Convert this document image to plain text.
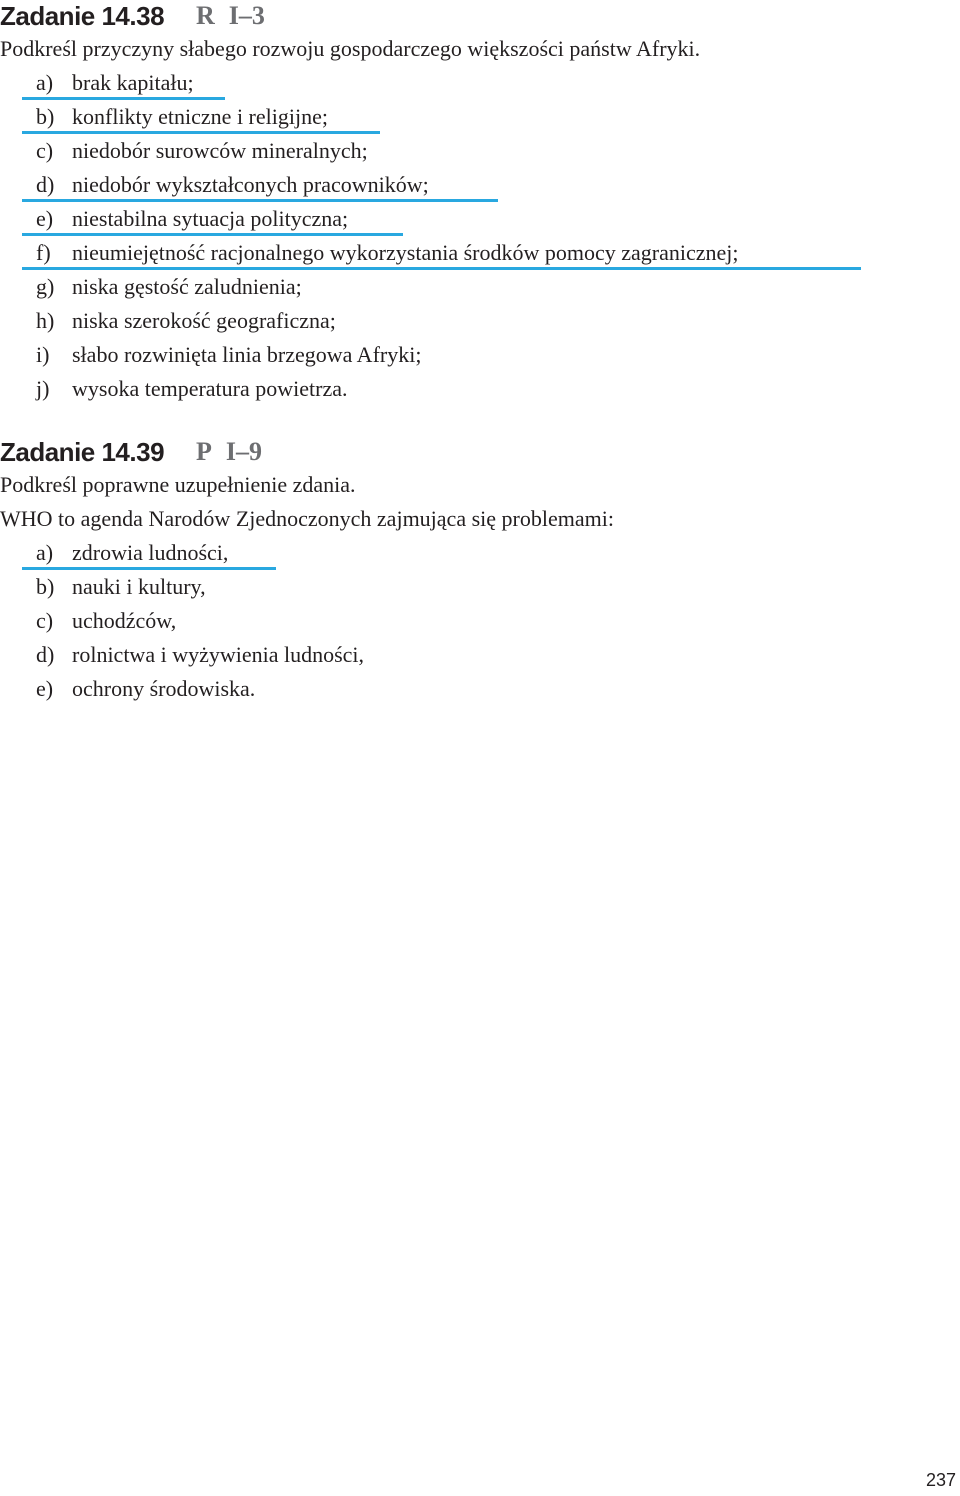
Zadanie 14.38 R I–3
Podkreśl przyczyny słabego rozwoju gospodarczego większości państw Afryki.
a) brak kapitału;
b) konflikty etniczne i religijne;
c) niedobór surowców mineralnych;
d) niedobór wykształconych pracowników;
e) niestabilna sytuacja polityczna;
f) nieumiejętność racjonalnego wykorzystania środków pomocy zagranicznej;
g) niska gęstość zaludnienia;
h) niska szerokość geograficzna;
i) słabo rozwinięta linia brzegowa Afryki;
j) wysoka temperatura powietrza.
Zadanie 14.39 P I–9
Podkreśl poprawne uzupełnienie zdania.
WHO to agenda Narodów Zjednoczonych zajmująca się problemami:
a) zdrowia ludności,
b) nauki i kultury,
c) uchodźców,
d) rolnictwa i wyżywienia ludności,
e) ochrony środowiska.
237
